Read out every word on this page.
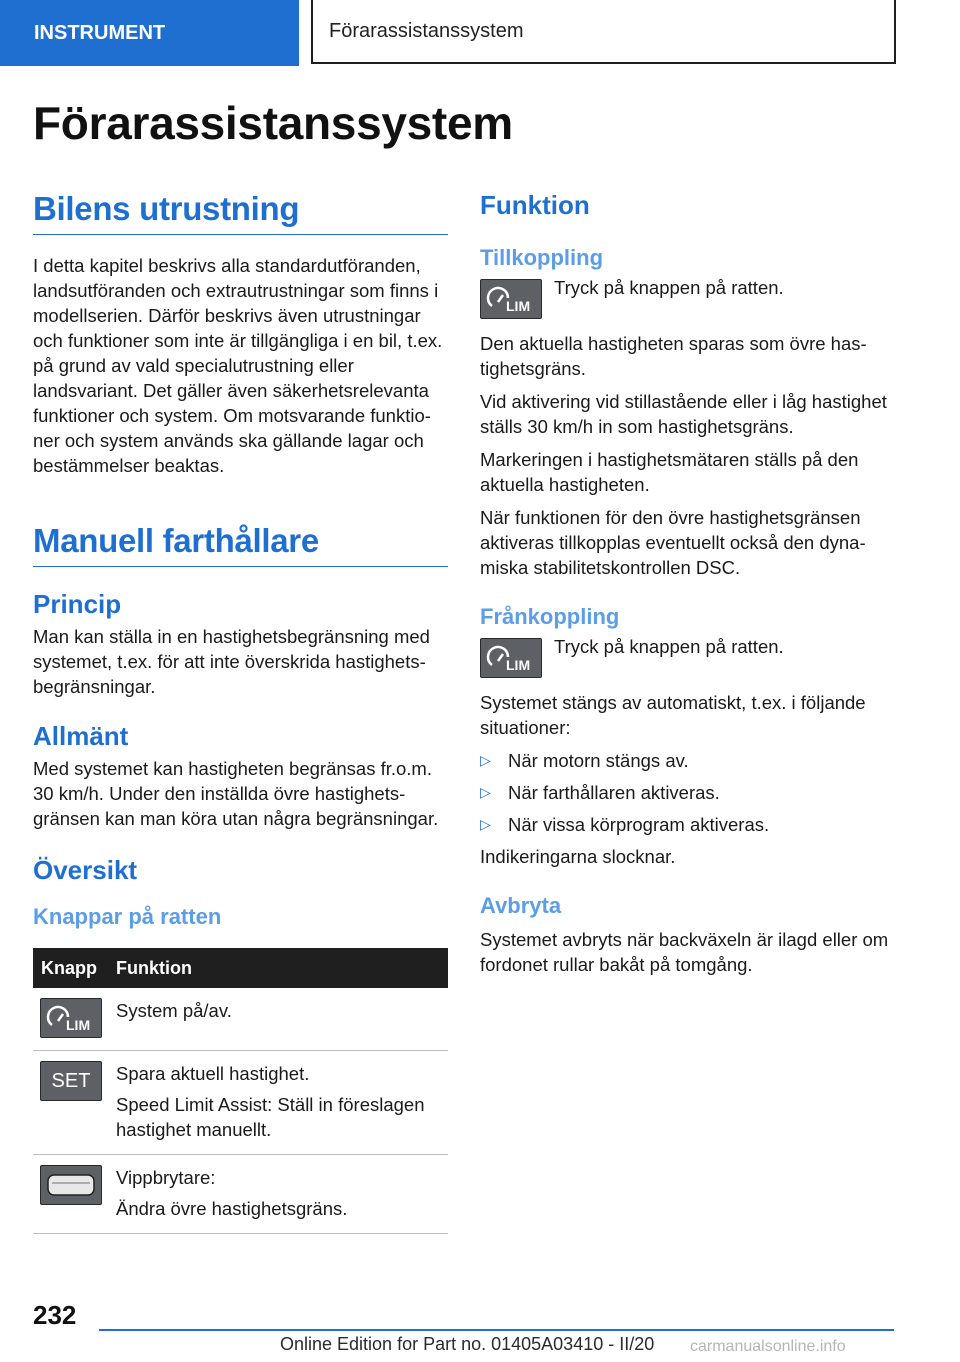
INSTRUMENT	Förarassistanssystem
Förarassistanssystem
Bilens utrustning

I detta kapitel beskrivs alla standardutföranden, landsutföranden och extrautrustningar som finns i modellserien. Därför beskrivs även utrustningar och funktioner som inte är tillgängliga i en bil, t.ex. på grund av vald specialutrustning eller landsvariant. Det gäller även säkerhetsrelevanta funktioner och system. Om motsvarande funktioner och system används ska gällande lagar och bestämmelser beaktas.

Manuell farthållare
Princip

Man kan ställa in en hastighetsbegränsning med systemet, t.ex. för att inte överskrida hastighetsbegränsningar.

Allmänt

Med systemet kan hastigheten begränsas fr.o.m. 30 km/h. Under den inställda övre hastighetsgränsen kan man köra utan några begränsningar.

Översikt
Knappar på ratten
Knapp	Funktion

LIM	System på/av.

SET	Spara aktuell hastighet.

Speed Limit Assist: Ställ in föreslagen hastighet manuellt.

Vippbrytare:

Ändra övre hastighetsgräns.

Funktion
Tillkoppling
LIM

Tryck på knappen på ratten.

Den aktuella hastigheten sparas som övre hastighetsgräns.

Vid aktivering vid stillastående eller i låg hastighet ställs 30 km/h in som hastighetsgräns.

Markeringen i hastighetsmätaren ställs på den aktuella hastigheten.

När funktionen för den övre hastighetsgränsen aktiveras tillkopplas eventuellt också den dynamiska stabilitetskontrollen DSC.

Frånkoppling
LIM

Tryck på knappen på ratten.

Systemet stängs av automatiskt, t.ex. i följande situationer:

▷ När motorn stängs av.
▷ När farthållaren aktiveras.
▷ När vissa körprogram aktiveras.

Indikeringarna slocknar.

Avbryta

Systemet avbryts när backväxeln är ilagd eller om fordonet rullar bakåt på tomgång.

232
Online Edition for Part no. 01405A03410 - II/20 carmanualsonline.info
